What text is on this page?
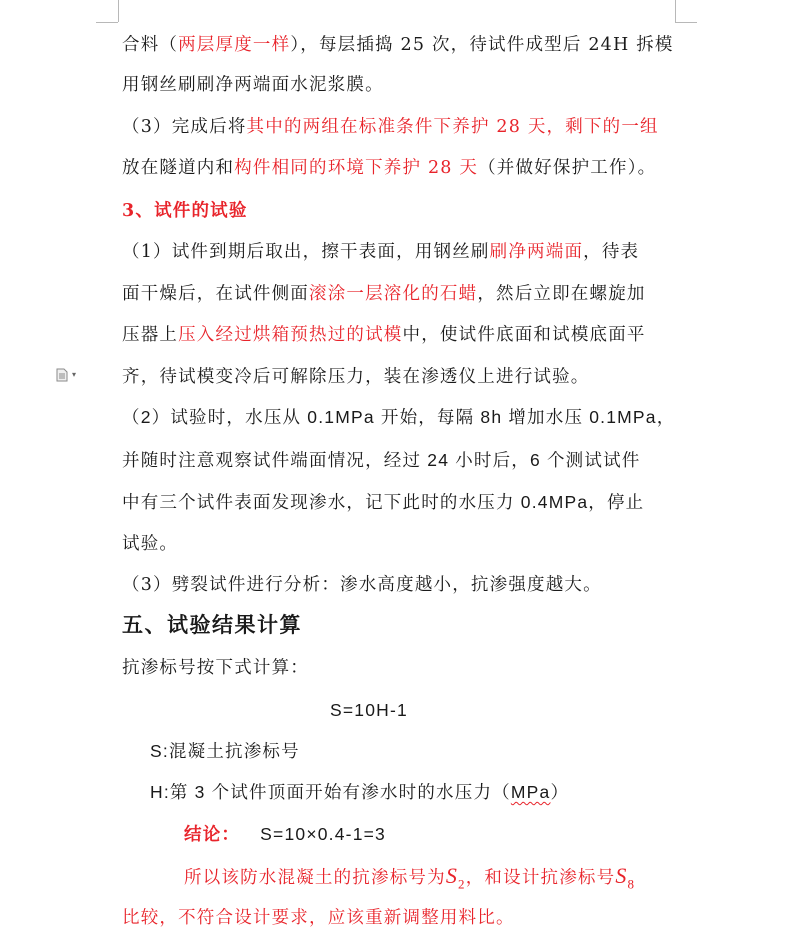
合料（两层厚度一样），每层插捣 25 次，待试件成型后 24H 拆模
用钢丝刷刷净两端面水泥浆膜。
（3）完成后将其中的两组在标准条件下养护 28 天，剩下的一组
放在隧道内和构件相同的环境下养护 28 天（并做好保护工作）。
3、试件的试验
（1）试件到期后取出，擦干表面，用钢丝刷刷净两端面，待表
面干燥后，在试件侧面滚涂一层溶化的石蜡，然后立即在螺旋加
压器上压入经过烘箱预热过的试模中，使试件底面和试模底面平
齐，待试模变冷后可解除压力，装在渗透仪上进行试验。
（2）试验时，水压从 0.1MPa 开始，每隔 8h 增加水压 0.1MPa，
并随时注意观察试件端面情况，经过 24 小时后，6 个测试试件
中有三个试件表面发现渗水，记下此时的水压力 0.4MPa，停止
试验。
（3）劈裂试件进行分析：渗水高度越小，抗渗强度越大。
五、试验结果计算
抗渗标号按下式计算：
S=10H-1
S:混凝土抗渗标号
H:第 3 个试件顶面开始有渗水时的水压力（MPa）
结论： S=10×0.4-1=3
所以该防水混凝土的抗渗标号为$S_2$，和设计抗渗标号$S_8$
比较，不符合设计要求，应该重新调整用料比。
▾
